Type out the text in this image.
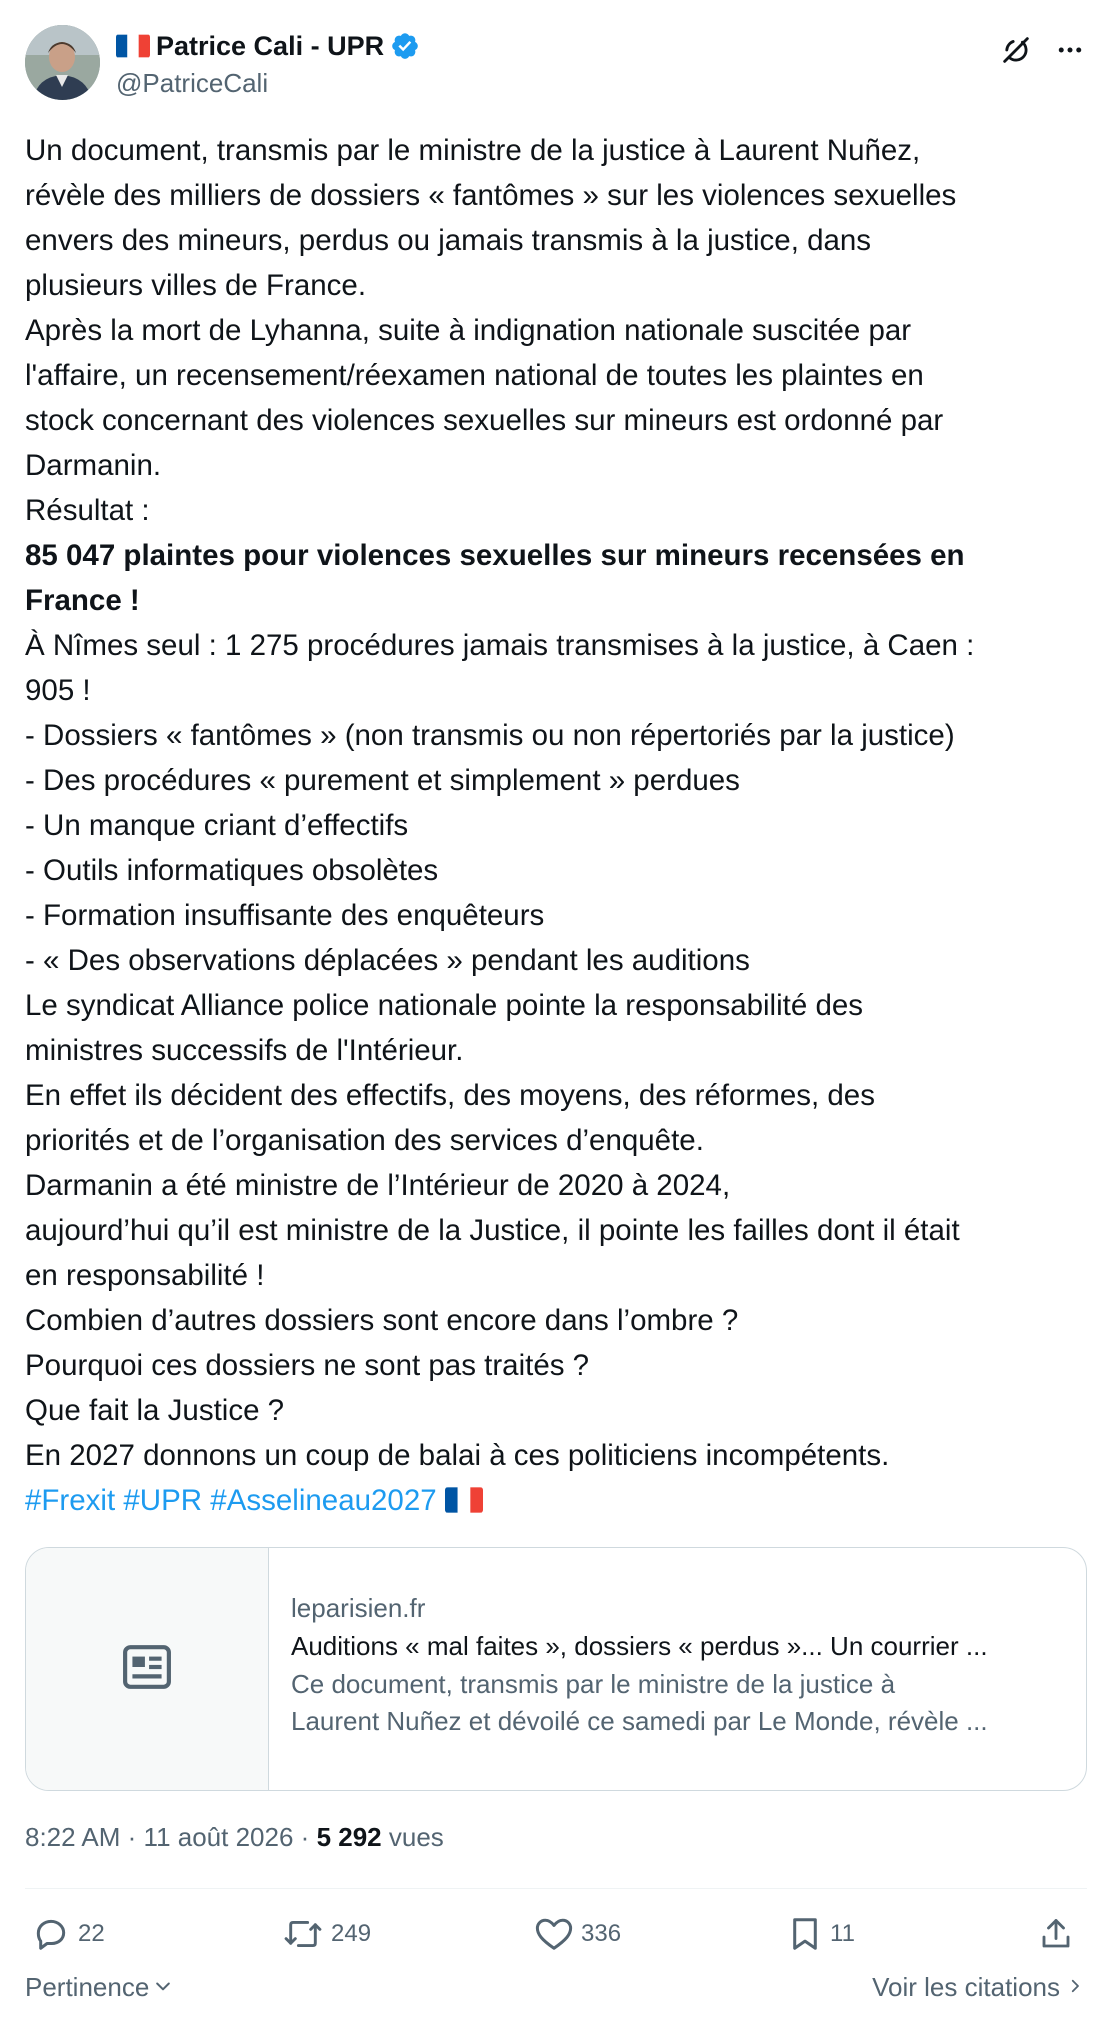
Patrice Cali - UPR
@PatriceCali

Un document, transmis par le ministre de la justice à Laurent Nuñez,

révèle des milliers de dossiers « fantômes » sur les violences sexuelles

envers des mineurs, perdus ou jamais transmis à la justice, dans

plusieurs villes de France.

Après la mort de Lyhanna, suite à indignation nationale suscitée par

l'affaire, un recensement/réexamen national de toutes les plaintes en

stock concernant des violences sexuelles sur mineurs est ordonné par

Darmanin.

Résultat :

85 047 plaintes pour violences sexuelles sur mineurs recensées en

France !

À Nîmes seul : 1 275 procédures jamais transmises à la justice, à Caen :

905 !

- Dossiers « fantômes » (non transmis ou non répertoriés par la justice)

- Des procédures « purement et simplement » perdues

- Un manque criant d’effectifs

- Outils informatiques obsolètes

- Formation insuffisante des enquêteurs

- « Des observations déplacées » pendant les auditions

Le syndicat Alliance police nationale pointe la responsabilité des

ministres successifs de l'Intérieur.

En effet ils décident des effectifs, des moyens, des réformes, des

priorités et de l’organisation des services d’enquête.

Darmanin a été ministre de l’Intérieur de 2020 à 2024,

aujourd’hui qu’il est ministre de la Justice, il pointe les failles dont il était

en responsabilité !

Combien d’autres dossiers sont encore dans l’ombre ?

Pourquoi ces dossiers ne sont pas traités ?

Que fait la Justice ?

En 2027 donnons un coup de balai à ces politiciens incompétents.

#Frexit #UPR #Asselineau2027

leparisien.fr
Auditions « mal faites », dossiers « perdus »... Un courrier ...
Ce document, transmis par le ministre de la justice à
Laurent Nuñez et dévoilé ce samedi par Le Monde, révèle ...
8:22 AM · 11 août 2026 · 5 292 vues
22	249	336	11
Pertinence	Voir les citations
